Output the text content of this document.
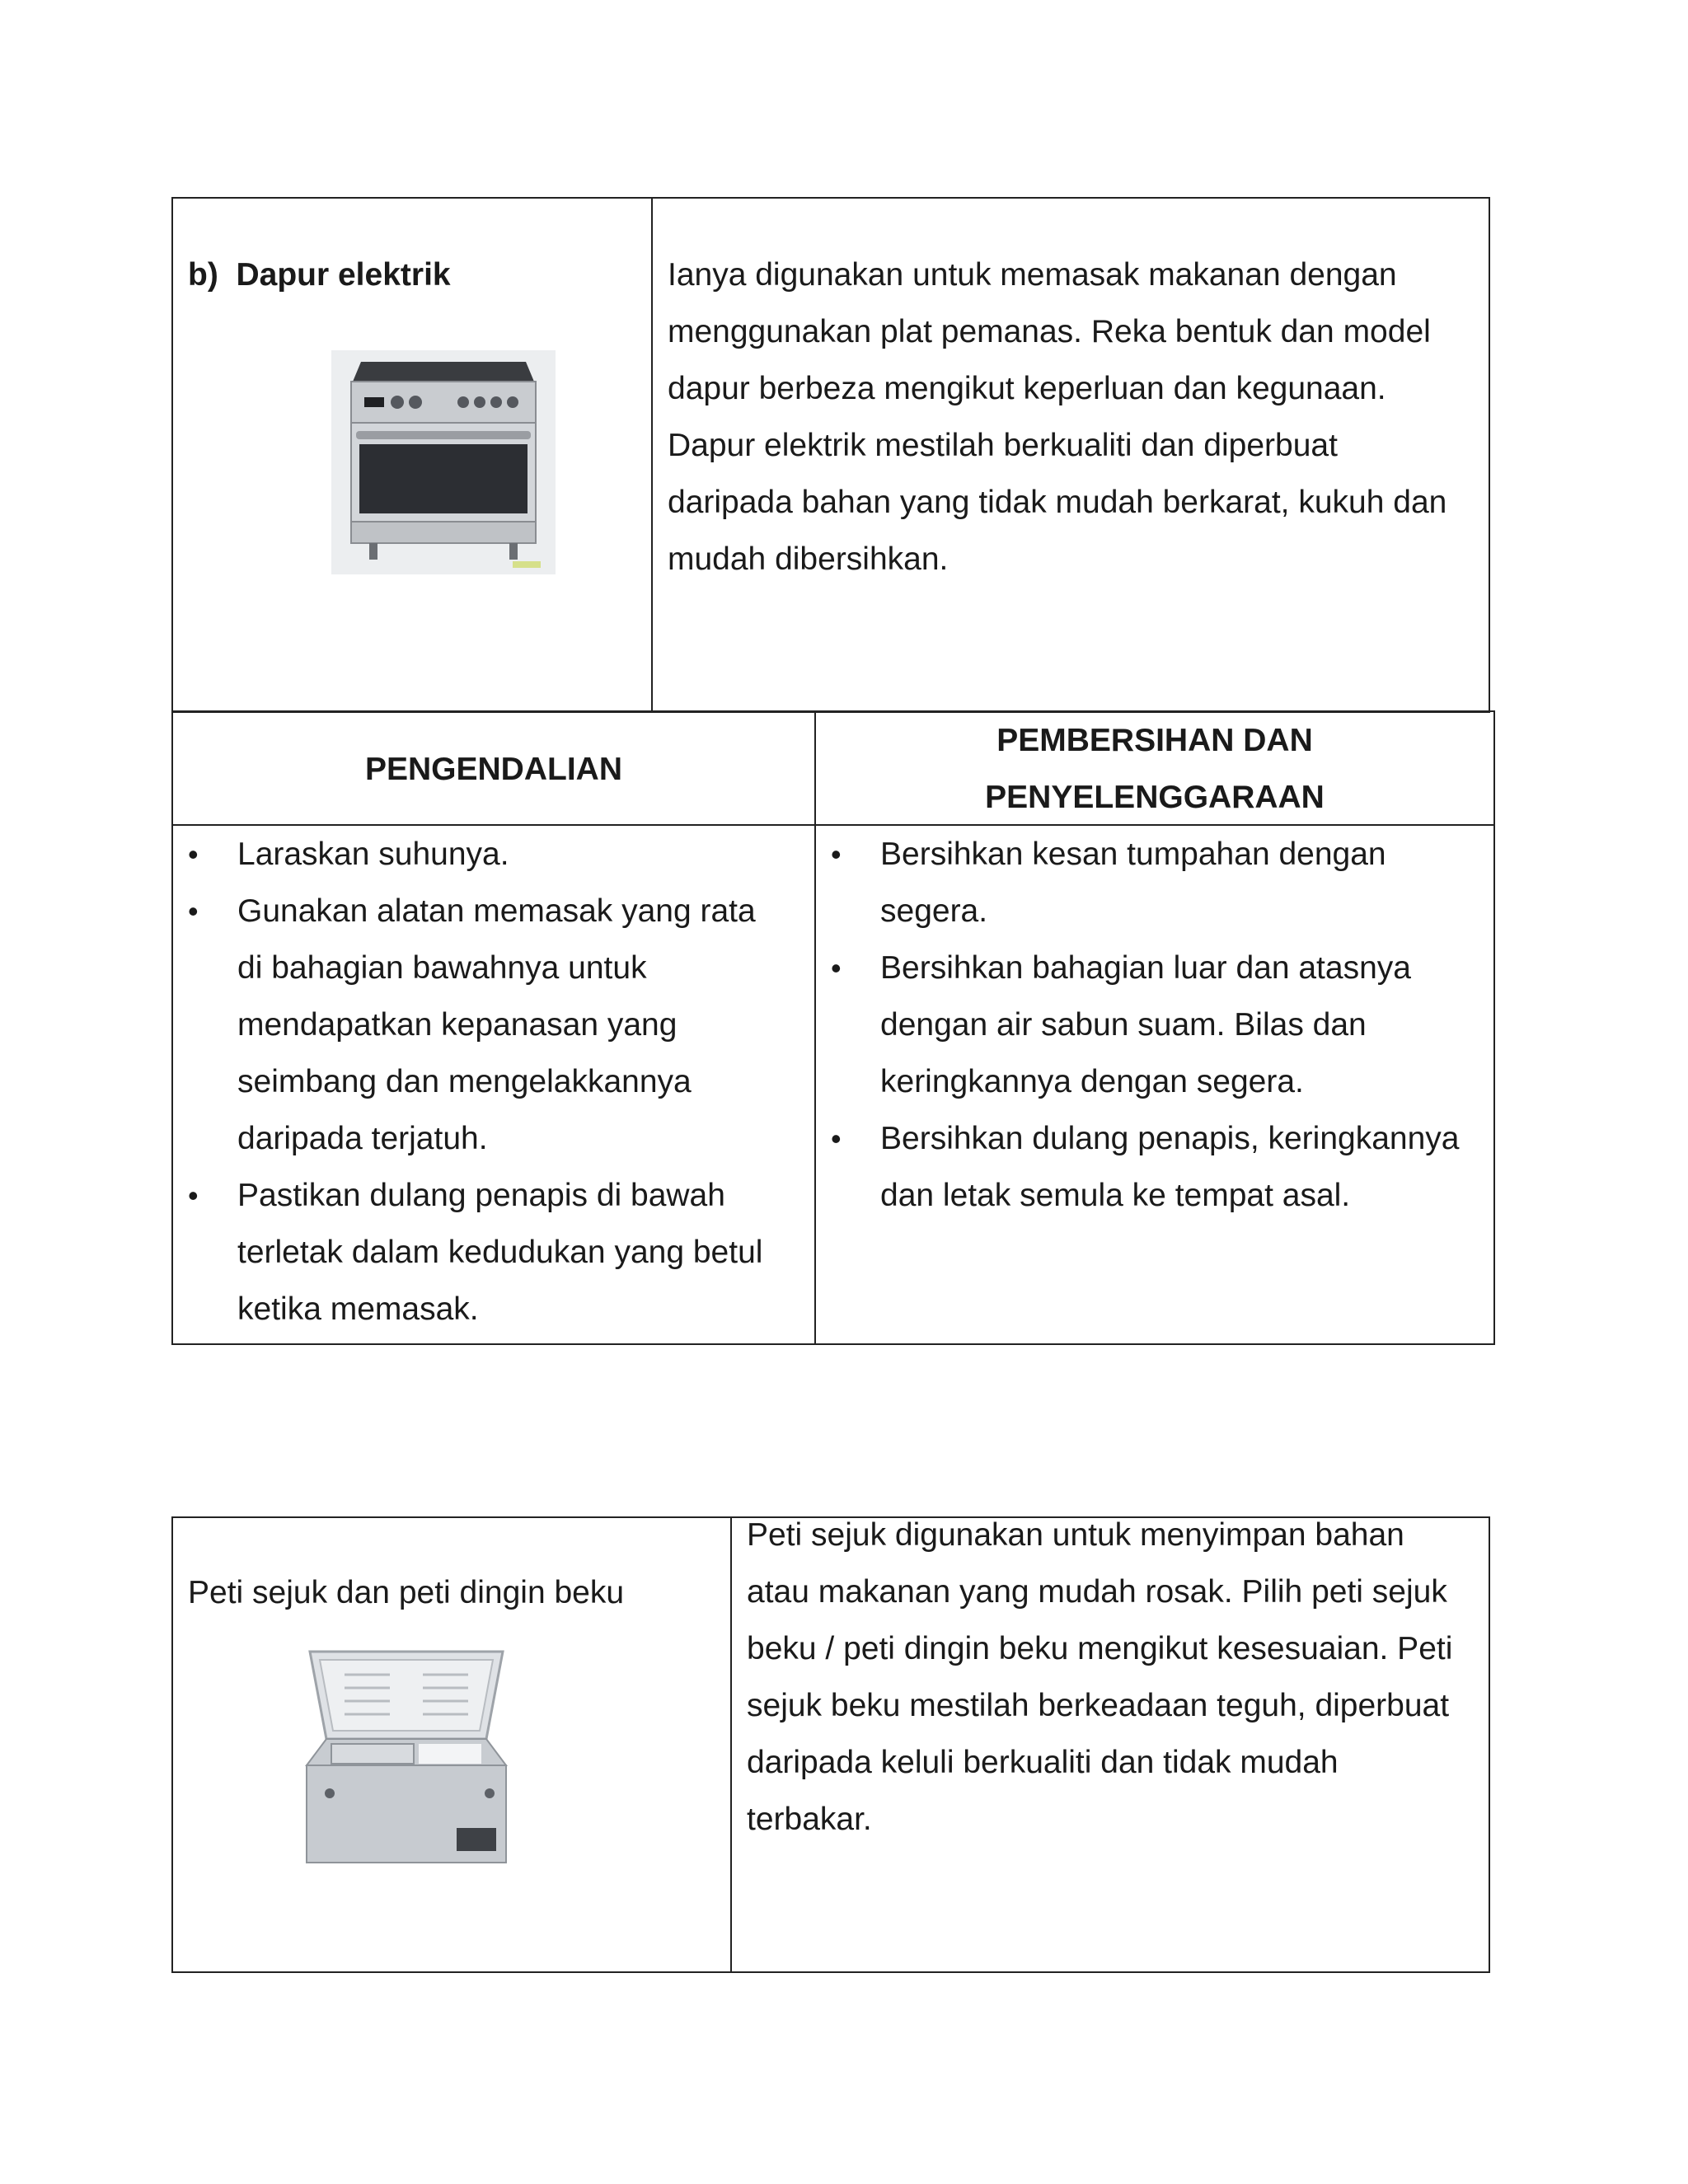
b)  Dapur elektrik	Ianya digunakan untuk memasak makanan dengan
menggunakan plat pemanas. Reka bentuk dan model
dapur berbeza mengikut keperluan dan kegunaan.
Dapur elektrik mestilah berkualiti dan diperbuat
daripada bahan yang tidak mudah berkarat, kukuh dan
mudah dibersihkan.
PENGENDALIAN
PEMBERSIHAN DAN
PENYELENGGARAAN
• Laraskan suhunya.
• Gunakan alatan memasak yang rata
di bahagian bawahnya untuk
mendapatkan kepanasan yang
seimbang dan mengelakkannya
daripada terjatuh.
• Pastikan dulang penapis di bawah
terletak dalam kedudukan yang betul
ketika memasak.
• Bersihkan kesan tumpahan dengan
segera.
• Bersihkan bahagian luar dan atasnya
dengan air sabun suam. Bilas dan
keringkannya dengan segera.
• Bersihkan dulang penapis, keringkannya
dan letak semula ke tempat asal.
Peti sejuk dan peti dingin beku
Peti sejuk digunakan untuk menyimpan bahan
atau makanan yang mudah rosak. Pilih peti sejuk
beku / peti dingin beku mengikut kesesuaian. Peti
sejuk beku mestilah berkeadaan teguh, diperbuat
daripada keluli berkualiti dan tidak mudah
terbakar.
